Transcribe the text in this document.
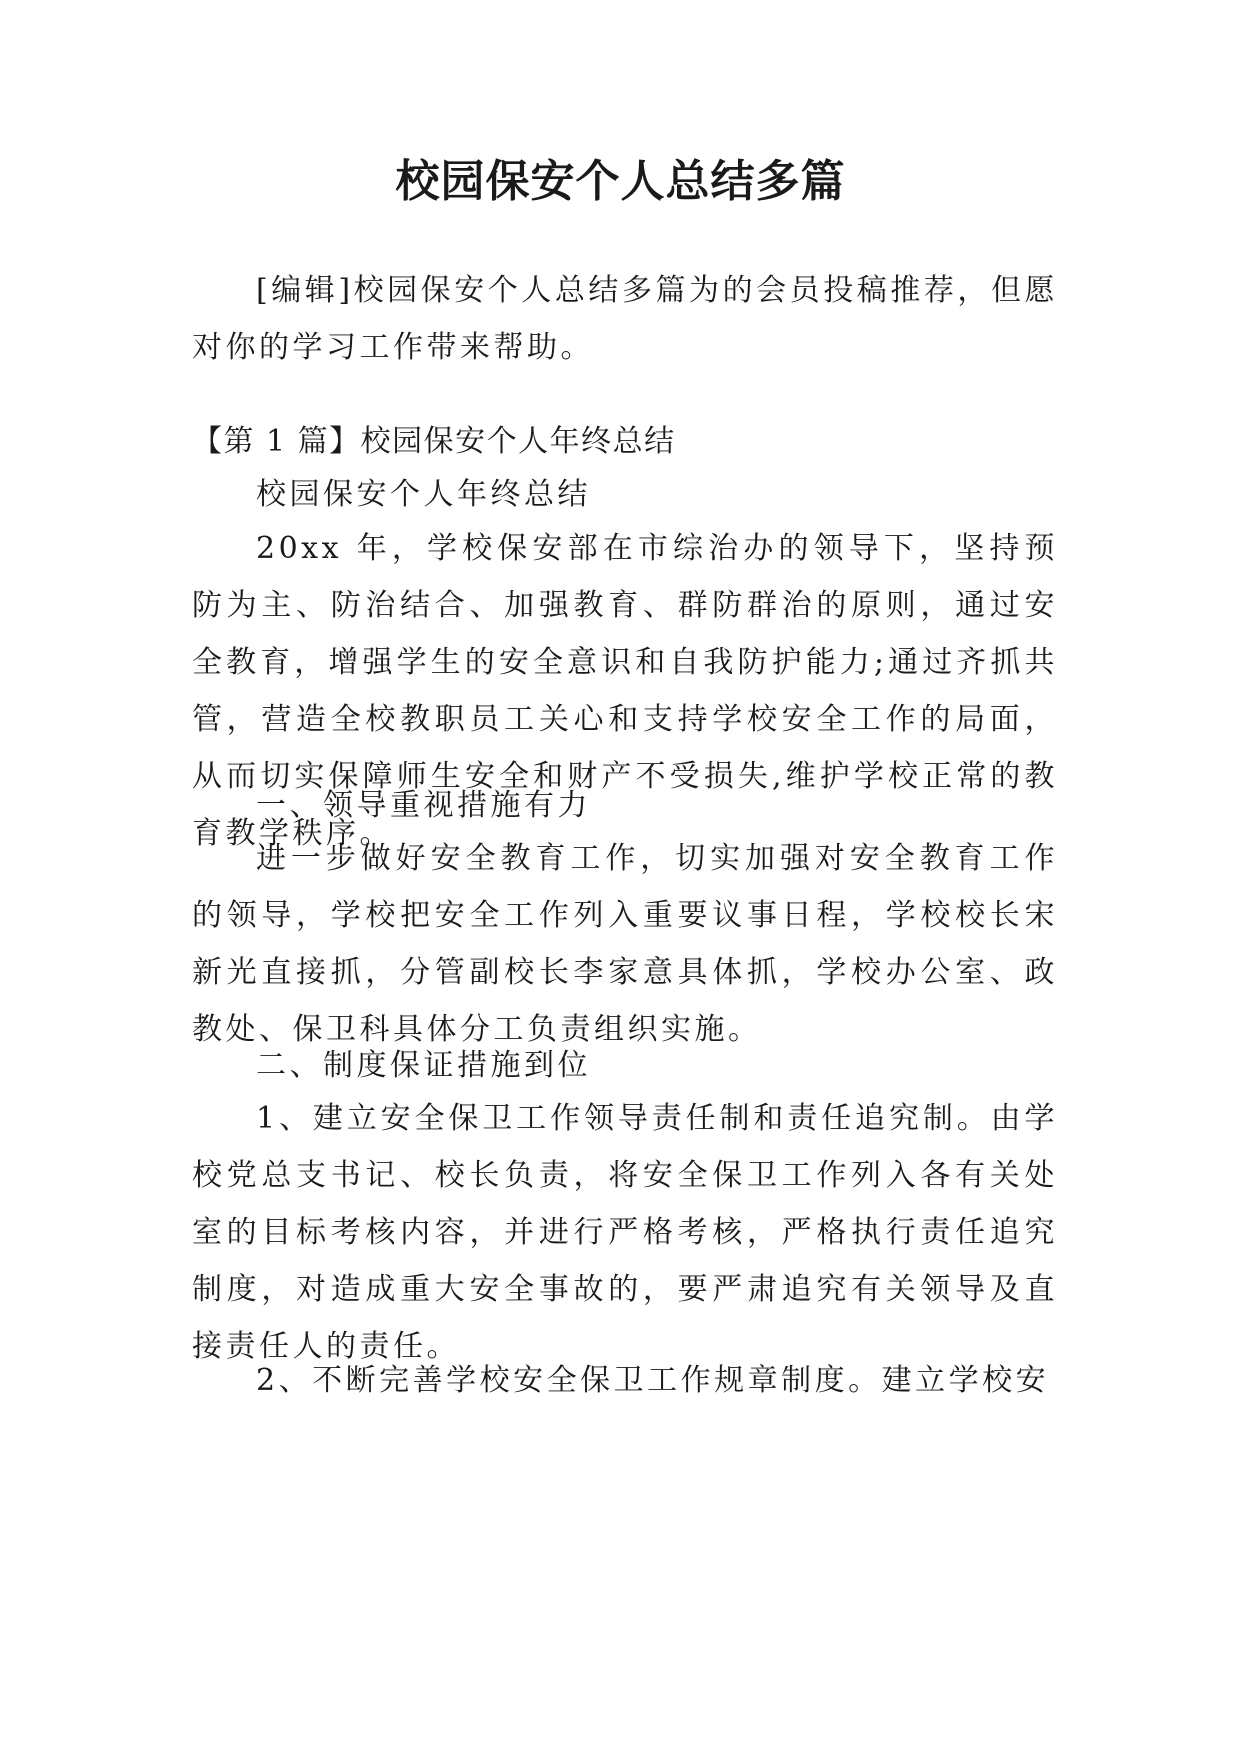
校园保安个人总结多篇

[编辑]校园保安个人总结多篇为的会员投稿推荐，但愿对你的学习工作带来帮助。

【第 1 篇】校园保安个人年终总结

校园保安个人年终总结

20xx 年，学校保安部在市综治办的领导下，坚持预防为主、防治结合、加强教育、群防群治的原则，通过安全教育，增强学生的安全意识和自我防护能力;通过齐抓共管，营造全校教职员工关心和支持学校安全工作的局面，从而切实保障师生安全和财产不受损失,维护学校正常的教育教学秩序。

一、领导重视措施有力

进一步做好安全教育工作，切实加强对安全教育工作的领导，学校把安全工作列入重要议事日程，学校校长宋新光直接抓，分管副校长李家意具体抓，学校办公室、政教处、保卫科具体分工负责组织实施。

二、制度保证措施到位

1、建立安全保卫工作领导责任制和责任追究制。由学校党总支书记、校长负责，将安全保卫工作列入各有关处室的目标考核内容，并进行严格考核，严格执行责任追究制度，对造成重大安全事故的，要严肃追究有关领导及直接责任人的责任。

2、不断完善学校安全保卫工作规章制度。建立学校安
